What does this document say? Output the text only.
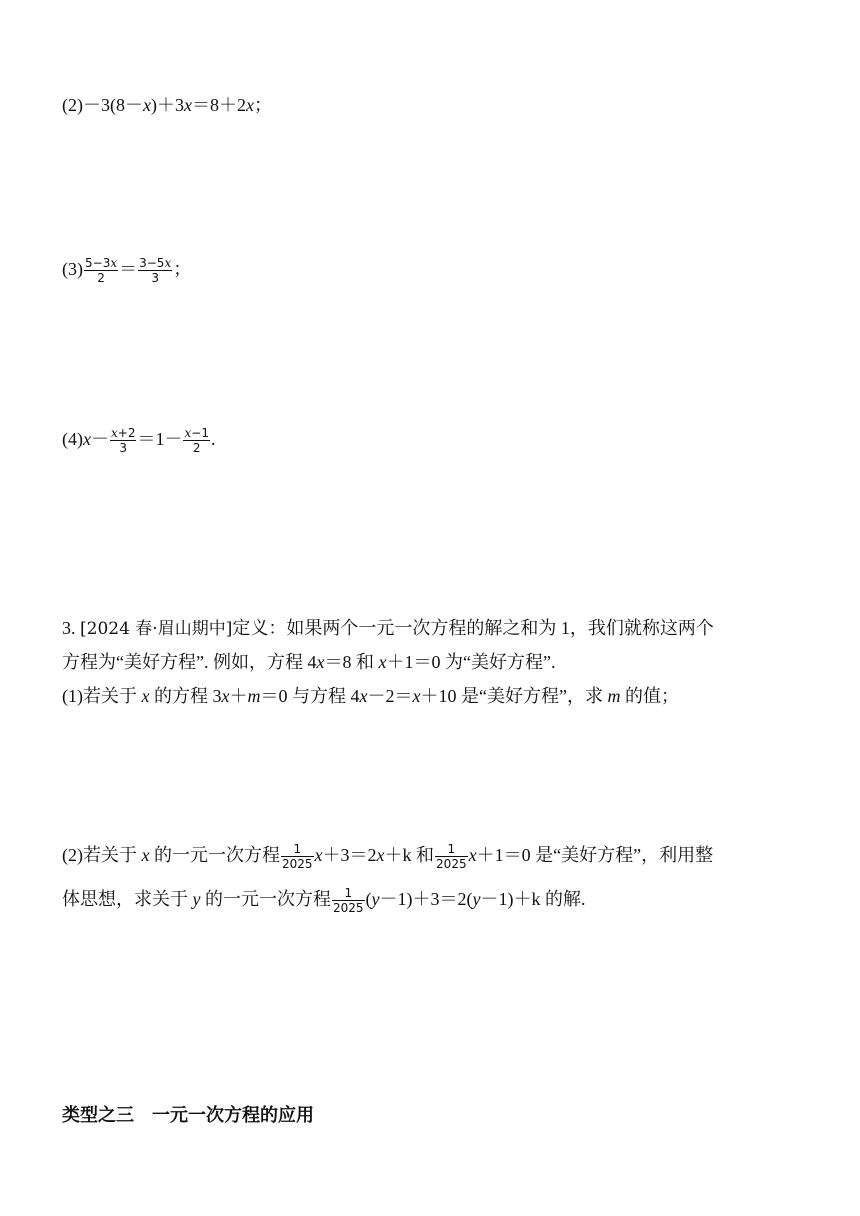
(2)－3(8－x)＋3x＝8＋2x；
$(3) \frac{5-3x}{2} = \frac{3-5x}{3}$ ；
$(4)x- \frac{x+2}{3} =1- \frac{x-1}{2}$ .
3. [2024 春·眉山期中]定义：如果两个一元一次方程的解之和为 1，我们就称这两个
方程为“美好方程”. 例如，方程 4x＝8 和 x＋1＝0 为“美好方程”.
(1)若关于 x 的方程 3x＋m＝0 与方程 4x－2＝x＋10 是“美好方程”，求 m 的值；
(2)若关于 x 的一元一次方程 $\frac{1}{2025} x+3=2x+k$ 和 $\frac{1}{2025} x+1=0$ 是“美好方程”，利用整
体思想，求关于 y 的一元一次方程 $\frac{1}{2025} (y-1)+3=2(y-1)+k$ 的解.
类型之三　一元一次方程的应用
